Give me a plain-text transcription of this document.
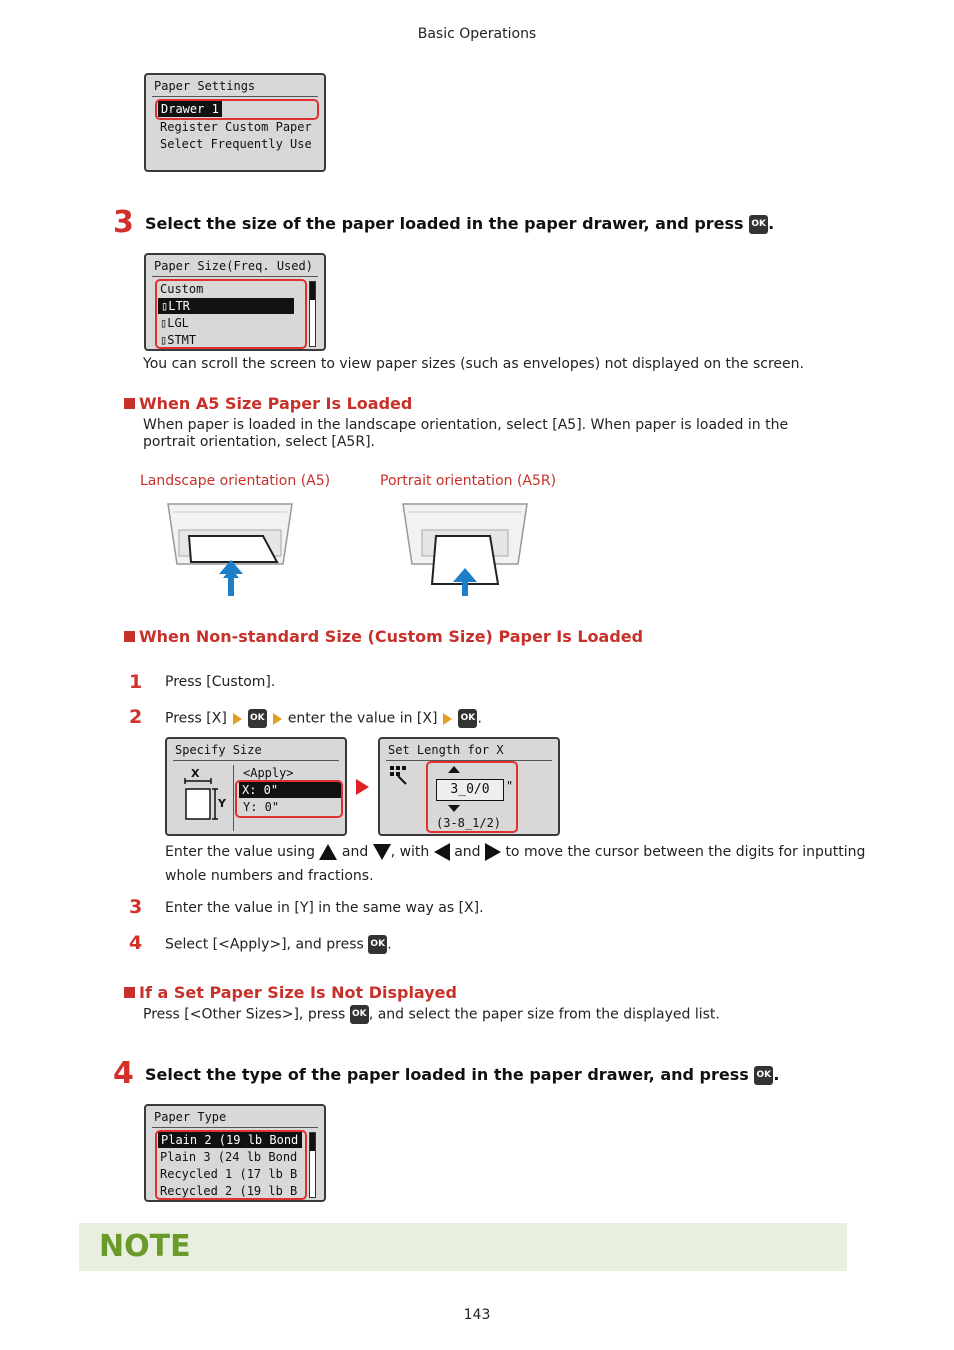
Basic Operations
Paper Settings
Drawer 1
Register Custom Paper
Select Frequently Use
3 Select the size of the paper loaded in the paper drawer, and press OK .
Paper Size(Freq. Used)
Custom
▯LTR
▯LGL
▯STMT
You can scroll the screen to view paper sizes (such as envelopes) not displayed on the screen.
When A5 Size Paper Is Loaded
When paper is loaded in the landscape orientation, select [A5]. When paper is loaded in the portrait orientation, select [A5R].
Landscape orientation (A5)	Portrait orientation (A5R)
When Non-standard Size (Custom Size) Paper Is Loaded
1 Press [Custom].
2 Press [X]	OK enter the value in [X]	OK .
Specify Size
X
Y
<Apply>
X: 0"
Y: 0"
Set Length for X
3_0/0	"
(3-8_1/2)
Enter the value using and , with and to move the cursor between the digits for inputting
whole numbers and fractions.
3 Enter the value in [Y] in the same way as [X].
4 Select [<Apply>], and press OK .
If a Set Paper Size Is Not Displayed
Press [<Other Sizes>], press OK , and select the paper size from the displayed list.
4 Select the type of the paper loaded in the paper drawer, and press OK .
Paper Type
Plain 2 (19 lb Bond
Plain 3 (24 lb Bond
Recycled 1 (17 lb B
Recycled 2 (19 lb B
NOTE
143
